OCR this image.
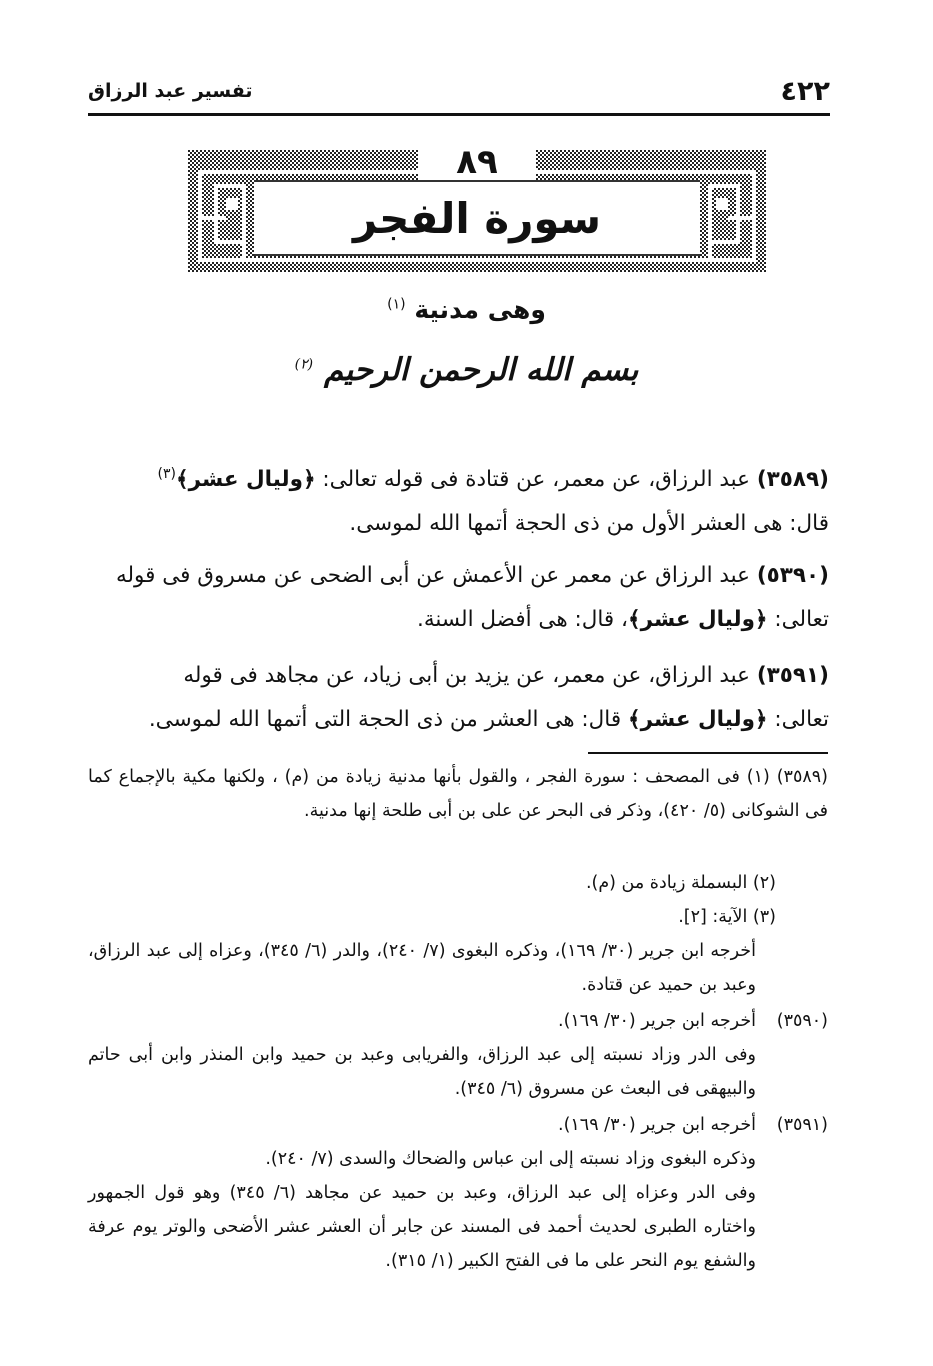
٤٢٢
تفسير عبد الرزاق
٨٩
سورة الفجر
وهى مدنية $^{(١)}$
بسم الله الرحمن الرحيم $^{(٢)}$
(٣٥٨٩) عبد الرزاق، عن معمر، عن قتادة فى قوله تعالى: ﴿وليال عشر﴾$^{(٣)}$
قال: هى العشر الأول من ذى الحجة أتمها الله لموسى.
(٥٣٩٠) عبد الرزاق عن معمر عن الأعمش عن أبى الضحى عن مسروق فى قوله
تعالى: ﴿وليال عشر﴾، قال: هى أفضل السنة.
(٣٥٩١) عبد الرزاق، عن معمر، عن يزيد بن أبى زياد، عن مجاهد فى قوله
تعالى: ﴿وليال عشر﴾ قال: هى العشر من ذى الحجة التى أتمها الله لموسى.
(٣٥٨٩) (١) فى المصحف : سورة الفجر ، والقول بأنها مدنية زيادة من (م) ، ولكنها مكية بالإجماع كما فى الشوكانى (٥/ ٤٢٠)، وذكر فى البحر عن على بن أبى طلحة إنها مدنية.
(٢) البسملة زيادة من (م).
(٣) الآية: [٢].
أخرجه ابن جرير (٣٠/ ١٦٩)، وذكره البغوى (٧/ ٢٤٠)، والدر (٦/ ٣٤٥)، وعزاه إلى عبد الرزاق، وعبد بن حميد عن قتادة.
(٣٥٩٠)أخرجه ابن جرير (٣٠/ ١٦٩).
وفى الدر وزاد نسبته إلى عبد الرزاق، والفريابى وعبد بن حميد وابن المنذر وابن أبى حاتم والبيهقى فى البعث عن مسروق (٦/ ٣٤٥).
(٣٥٩١)أخرجه ابن جرير (٣٠/ ١٦٩).
وذكره البغوى وزاد نسبته إلى ابن عباس والضحاك والسدى (٧/ ٢٤٠).
وفى الدر وعزاه إلى عبد الرزاق، وعبد بن حميد عن مجاهد (٦/ ٣٤٥) وهو قول الجمهور واختاره الطبرى لحديث أحمد فى المسند عن جابر أن العشر عشر الأضحى والوتر يوم عرفة والشفع يوم النحر على ما فى الفتح الكبير (١/ ٣١٥).
